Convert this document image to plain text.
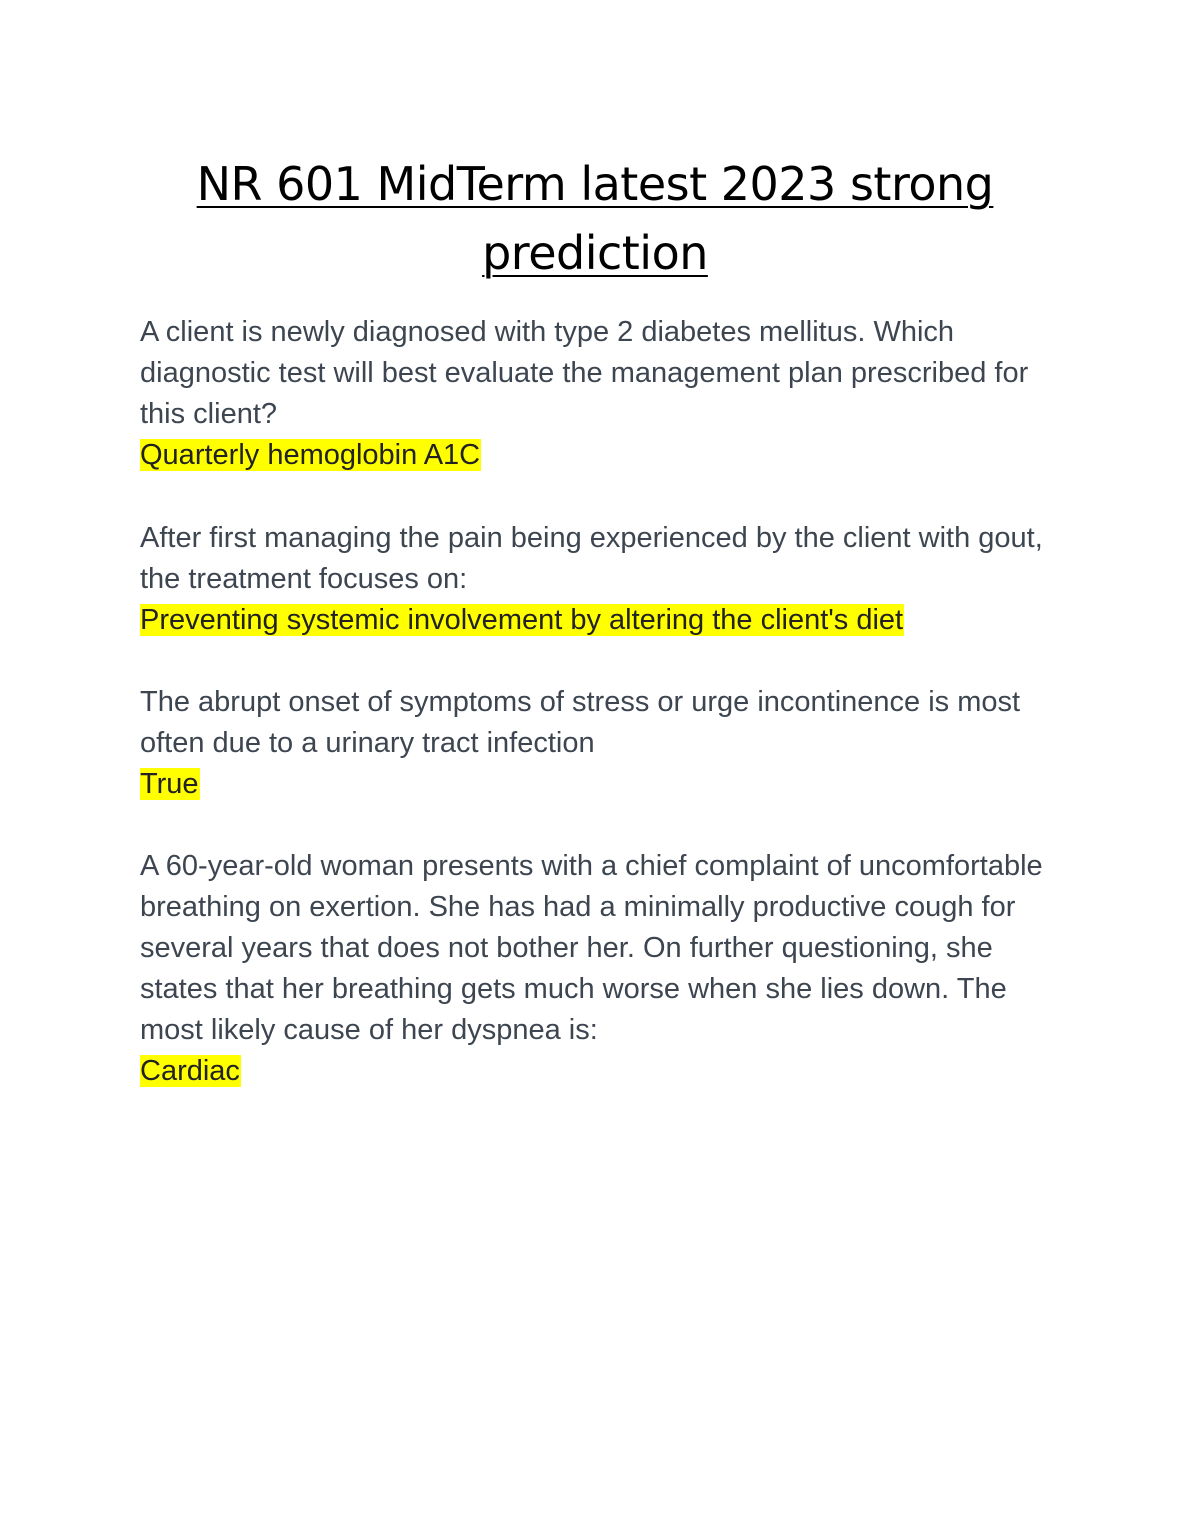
NR 601 MidTerm latest 2023 strong prediction

A client is newly diagnosed with type 2 diabetes mellitus. Which diagnostic test will best evaluate the management plan prescribed for this client?

Quarterly hemoglobin A1C

After first managing the pain being experienced by the client with gout, the treatment focuses on:

Preventing systemic involvement by altering the client's diet

The abrupt onset of symptoms of stress or urge incontinence is most often due to a urinary tract infection

True

A 60-year-old woman presents with a chief complaint of uncomfortable breathing on exertion. She has had a minimally productive cough for several years that does not bother her. On further questioning, she states that her breathing gets much worse when she lies down. The most likely cause of her dyspnea is:

Cardiac
